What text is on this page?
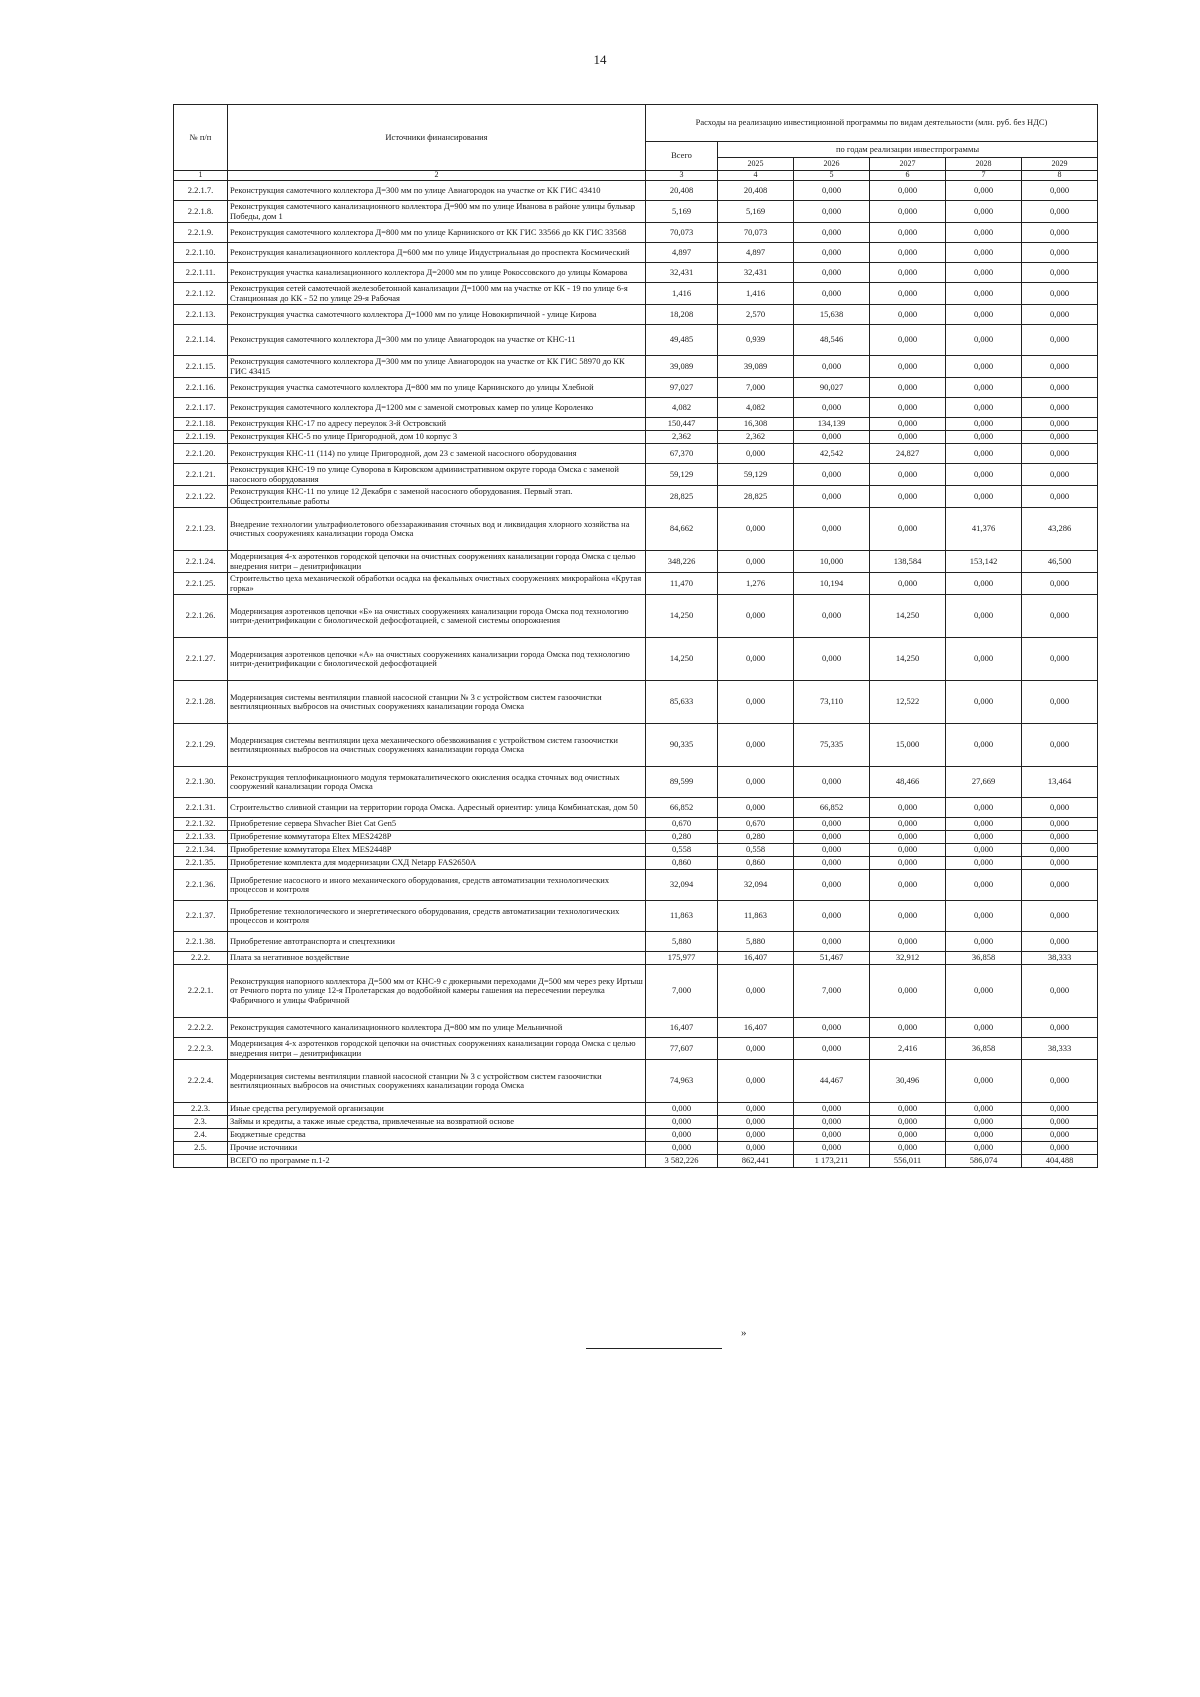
14
№ п/п	Источники финансирования	Расходы на реализацию инвестиционной программы по видам деятельности (млн. руб. без НДС)					
		Всего	по годам реализации инвестпрограммы				
			2025	2026	2027	2028	2029
1	2	3	4	5	6	7	8
2.2.1.7.	Реконструкция самотечного коллектора Д=300 мм по улице Авиагородок на участке от КК ГИС 43410	20,408	20,408	0,000	0,000	0,000	0,000
2.2.1.8.	Реконструкция самотечного канализационного коллектора Д=900 мм по улице Иванова в районе улицы бульвар Победы, дом 1	5,169	5,169	0,000	0,000	0,000	0,000
2.2.1.9.	Реконструкция самотечного коллектора Д=800 мм по улице Карнинского от КК ГИС 33566 до КК ГИС 33568	70,073	70,073	0,000	0,000	0,000	0,000
2.2.1.10.	Реконструкция канализационного коллектора Д=600 мм по улице Индустриальная до проспекта Космический	4,897	4,897	0,000	0,000	0,000	0,000
2.2.1.11.	Реконструкция участка канализационного коллектора Д=2000 мм по улице Рокоссовского до улицы Комарова	32,431	32,431	0,000	0,000	0,000	0,000
2.2.1.12.	Реконструкция сетей самотечной железобетонной канализации Д=1000 мм на участке от КК - 19 по улице 6-я Станционная до КК - 52 по улице 29-я Рабочая	1,416	1,416	0,000	0,000	0,000	0,000
2.2.1.13.	Реконструкция участка самотечного коллектора Д=1000 мм по улице Новокирпичной - улице Кирова	18,208	2,570	15,638	0,000	0,000	0,000
2.2.1.14.	Реконструкция самотечного коллектора Д=300 мм по улице Авиагородок на участке от КНС-11	49,485	0,939	48,546	0,000	0,000	0,000
2.2.1.15.	Реконструкция самотечного коллектора Д=300 мм по улице Авиагородок на участке от КК ГИС 58970 до КК ГИС 43415	39,089	39,089	0,000	0,000	0,000	0,000
2.2.1.16.	Реконструкция участка самотечного коллектора Д=800 мм по улице Карнинского до улицы Хлебной	97,027	7,000	90,027	0,000	0,000	0,000
2.2.1.17.	Реконструкция самотечного коллектора Д=1200 мм с заменой смотровых камер по улице Короленко	4,082	4,082	0,000	0,000	0,000	0,000
2.2.1.18.	Реконструкция КНС-17 по адресу переулок 3-й Островский	150,447	16,308	134,139	0,000	0,000	0,000
2.2.1.19.	Реконструкция КНС-5 по улице Пригородной, дом 10 корпус 3	2,362	2,362	0,000	0,000	0,000	0,000
2.2.1.20.	Реконструкция КНС-11 (114) по улице Пригородной, дом 23 с заменой насосного оборудования	67,370	0,000	42,542	24,827	0,000	0,000
2.2.1.21.	Реконструкция КНС-19 по улице Суворова в Кировском административном округе города Омска с заменой насосного оборудования	59,129	59,129	0,000	0,000	0,000	0,000
2.2.1.22.	Реконструкция КНС-11 по улице 12 Декабря с заменой насосного оборудования. Первый этап. Общестроительные работы	28,825	28,825	0,000	0,000	0,000	0,000
2.2.1.23.	Внедрение технологии ультрафиолетового обеззараживания сточных вод и ликвидация хлорного хозяйства на очистных сооружениях канализации города Омска	84,662	0,000	0,000	0,000	41,376	43,286
2.2.1.24.	Модернизация 4-х аэротенков городской цепочки на очистных сооружениях канализации города Омска с целью внедрения нитри – денитрификации	348,226	0,000	10,000	138,584	153,142	46,500
2.2.1.25.	Строительство цеха механической обработки осадка на фекальных очистных сооружениях микрорайона «Крутая горка»	11,470	1,276	10,194	0,000	0,000	0,000
2.2.1.26.	Модернизация аэротенков цепочки «Б» на очистных сооружениях канализации города Омска под технологию нитри-денитрификации с биологической дефосфотацией, с заменой системы опорожнения	14,250	0,000	0,000	14,250	0,000	0,000
2.2.1.27.	Модернизация аэротенков цепочки «А» на очистных сооружениях канализации города Омска под технологию нитри-денитрификации с биологической дефосфотацией	14,250	0,000	0,000	14,250	0,000	0,000
2.2.1.28.	Модернизация системы вентиляции главной насосной станции № 3 с устройством систем газоочистки вентиляционных выбросов на очистных сооружениях канализации города Омска	85,633	0,000	73,110	12,522	0,000	0,000
2.2.1.29.	Модернизация системы вентиляции цеха механического обезвоживания с устройством систем газоочистки вентиляционных выбросов на очистных сооружениях канализации города Омска	90,335	0,000	75,335	15,000	0,000	0,000
2.2.1.30.	Реконструкция теплофикационного модуля термокаталитического окисления осадка сточных вод очистных сооружений канализации города Омска	89,599	0,000	0,000	48,466	27,669	13,464
2.2.1.31.	Строительство сливной станции на территории города Омска. Адресный ориентир: улица Комбинатская, дом 50	66,852	0,000	66,852	0,000	0,000	0,000
2.2.1.32.	Приобретение сервера Shvacher Biet Cat Gen5	0,670	0,670	0,000	0,000	0,000	0,000
2.2.1.33.	Приобретение коммутатора Eltex MES2428P	0,280	0,280	0,000	0,000	0,000	0,000
2.2.1.34.	Приобретение коммутатора Eltex MES2448P	0,558	0,558	0,000	0,000	0,000	0,000
2.2.1.35.	Приобретение комплекта для модернизации СХД Netapp FAS2650A	0,860	0,860	0,000	0,000	0,000	0,000
2.2.1.36.	Приобретение насосного и иного механического оборудования, средств автоматизации технологических процессов и контроля	32,094	32,094	0,000	0,000	0,000	0,000
2.2.1.37.	Приобретение технологического и энергетического оборудования, средств автоматизации технологических процессов и контроля	11,863	11,863	0,000	0,000	0,000	0,000
2.2.1.38.	Приобретение автотранспорта и спецтехники	5,880	5,880	0,000	0,000	0,000	0,000
2.2.2.	Плата за негативное воздействие	175,977	16,407	51,467	32,912	36,858	38,333
2.2.2.1.	Реконструкция напорного коллектора Д=500 мм от КНС-9 с дюкерными переходами Д=500 мм через реку Иртыш от Речного порта по улице 12-я Пролетарская до водобойной камеры гашения на пересечении переулка Фабричного и улицы Фабричной	7,000	0,000	7,000	0,000	0,000	0,000
2.2.2.2.	Реконструкция самотечного канализационного коллектора Д=800 мм по улице Мельничной	16,407	16,407	0,000	0,000	0,000	0,000
2.2.2.3.	Модернизация 4-х аэротенков городской цепочки на очистных сооружениях канализации города Омска с целью внедрения нитри – денитрификации	77,607	0,000	0,000	2,416	36,858	38,333
2.2.2.4.	Модернизация системы вентиляции главной насосной станции № 3 с устройством систем газоочистки вентиляционных выбросов на очистных сооружениях канализации города Омска	74,963	0,000	44,467	30,496	0,000	0,000
2.2.3.	Иные средства регулируемой организации	0,000	0,000	0,000	0,000	0,000	0,000
2.3.	Займы и кредиты, а также иные средства, привлеченные на возвратной основе	0,000	0,000	0,000	0,000	0,000	0,000
2.4.	Бюджетные средства	0,000	0,000	0,000	0,000	0,000	0,000
2.5.	Прочие источники	0,000	0,000	0,000	0,000	0,000	0,000
	ВСЕГО по программе п.1-2	3 582,226	862,441	1 173,211	556,011	586,074	404,488
»
